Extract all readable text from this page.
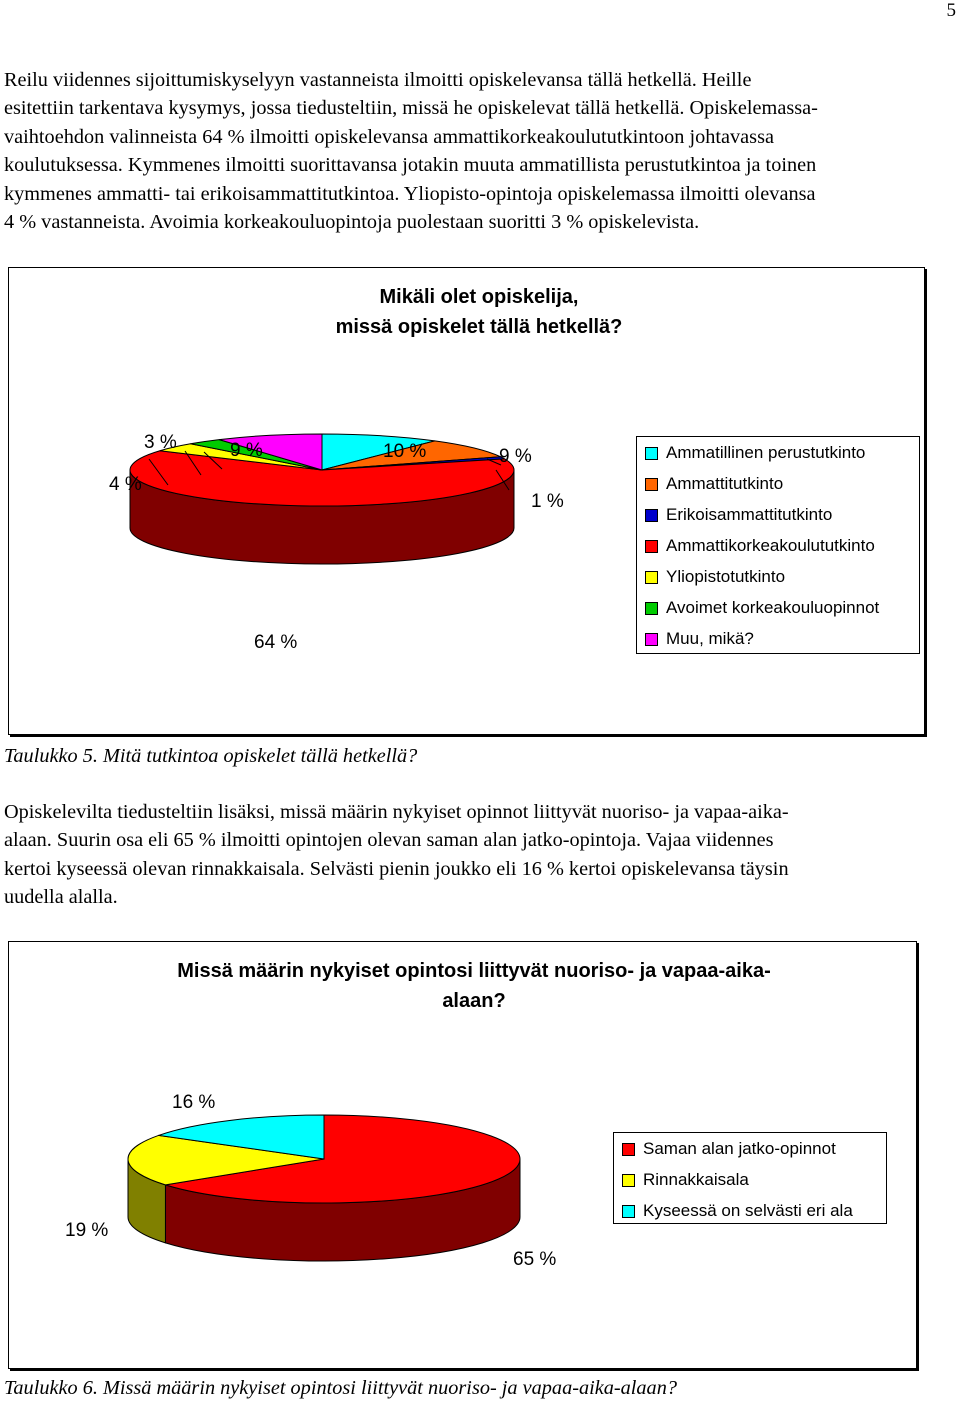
5
Reilu viidennes sijoittumiskyselyyn vastanneista ilmoitti opiskelevansa tällä hetkellä. Heille
esitettiin tarkentava kysymys, jossa tiedusteltiin, missä he opiskelevat tällä hetkellä. Opiskelemassa-
vaihtoehdon valinneista 64 % ilmoitti opiskelevansa ammattikorkeakoulututkintoon johtavassa
koulutuksessa. Kymmenes ilmoitti suorittavansa jotakin muuta ammatillista perustutkintoa ja toinen
kymmenes ammatti- tai erikoisammattitutkintoa. Yliopisto-opintoja opiskelemassa ilmoitti olevansa
4 % vastanneista. Avoimia korkeakouluopintoja puolestaan suoritti 3 % opiskelevista.
Mikäli olet opiskelija,
missä opiskelet tällä hetkellä?
10 %	9 %
1 %
64 %
4 %
3 %	9 %	Ammatillinen perustutkinto
Ammattitutkinto
Erikoisammattitutkinto
Ammattikorkeakoulututkinto
Yliopistotutkinto
Avoimet korkeakouluopinnot
Muu, mikä?
Taulukko 5. Mitä tutkintoa opiskelet tällä hetkellä?
Opiskelevilta tiedusteltiin lisäksi, missä määrin nykyiset opinnot liittyvät nuoriso- ja vapaa-aika-
alaan. Suurin osa eli 65 % ilmoitti opintojen olevan saman alan jatko-opintoja. Vajaa viidennes
kertoi kyseessä olevan rinnakkaisala. Selvästi pienin joukko eli 16 % kertoi opiskelevansa täysin
uudella alalla.
Missä määrin nykyiset opintosi liittyvät nuoriso- ja vapaa-aika-
alaan?
65 %
19 %
16 %
Saman alan jatko-opinnot
Rinnakkaisala
Kyseessä on selvästi eri ala
Taulukko 6. Missä määrin nykyiset opintosi liittyvät nuoriso- ja vapaa-aika-alaan?
